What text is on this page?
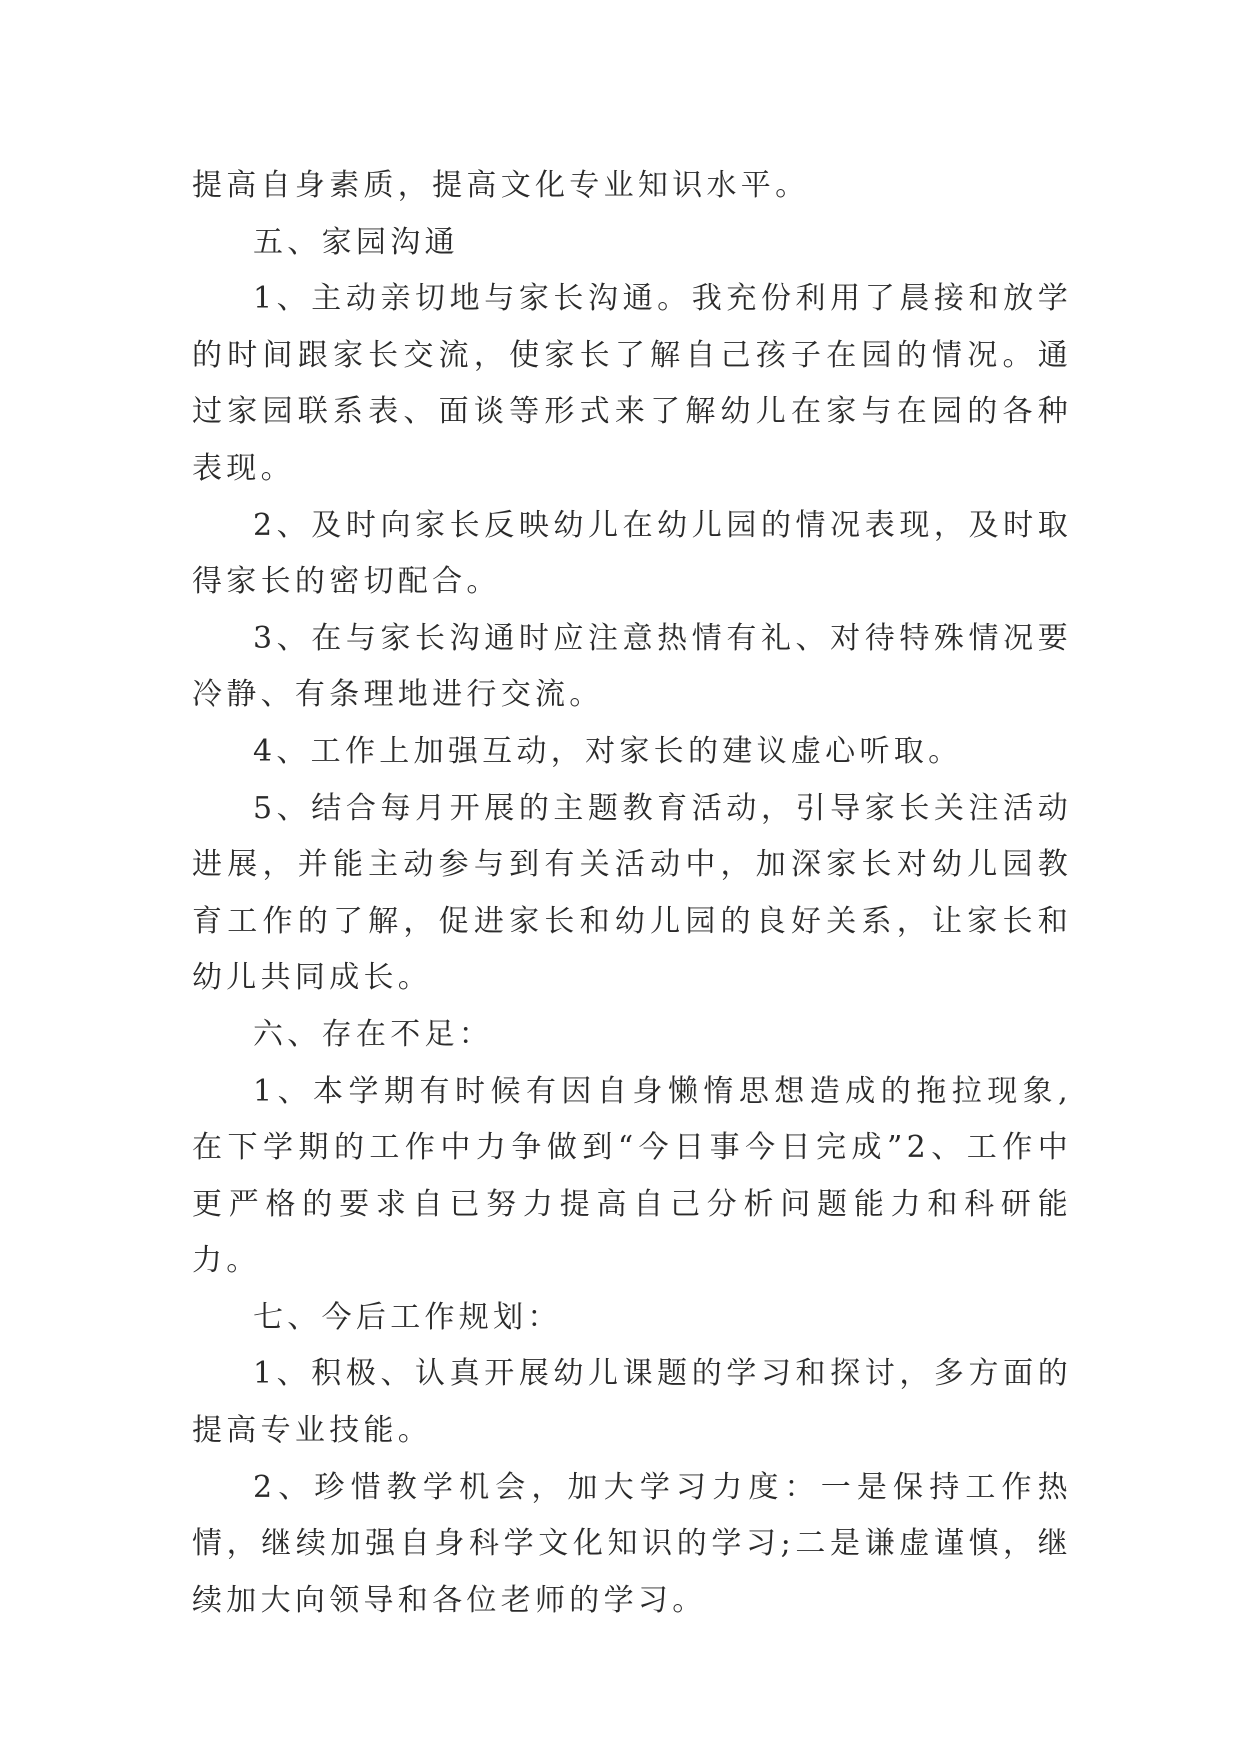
提高自身素质，提高文化专业知识水平。

五、家园沟通

1、主动亲切地与家长沟通。我充份利用了晨接和放学的时间跟家长交流，使家长了解自己孩子在园的情况。通过家园联系表、面谈等形式来了解幼儿在家与在园的各种表现。

2、及时向家长反映幼儿在幼儿园的情况表现，及时取得家长的密切配合。

3、在与家长沟通时应注意热情有礼、对待特殊情况要冷静、有条理地进行交流。

4、工作上加强互动，对家长的建议虚心听取。

5、结合每月开展的主题教育活动，引导家长关注活动进展，并能主动参与到有关活动中，加深家长对幼儿园教育工作的了解，促进家长和幼儿园的良好关系，让家长和幼儿共同成长。

六、存在不足：

1、本学期有时候有因自身懒惰思想造成的拖拉现象,在下学期的工作中力争做到“今日事今日完成”2、工作中更严格的要求自已努力提高自己分析问题能力和科研能力。

七、今后工作规划：

1、积极、认真开展幼儿课题的学习和探讨，多方面的提高专业技能。

2、珍惜教学机会，加大学习力度：一是保持工作热情，继续加强自身科学文化知识的学习;二是谦虚谨慎，继续加大向领导和各位老师的学习。
